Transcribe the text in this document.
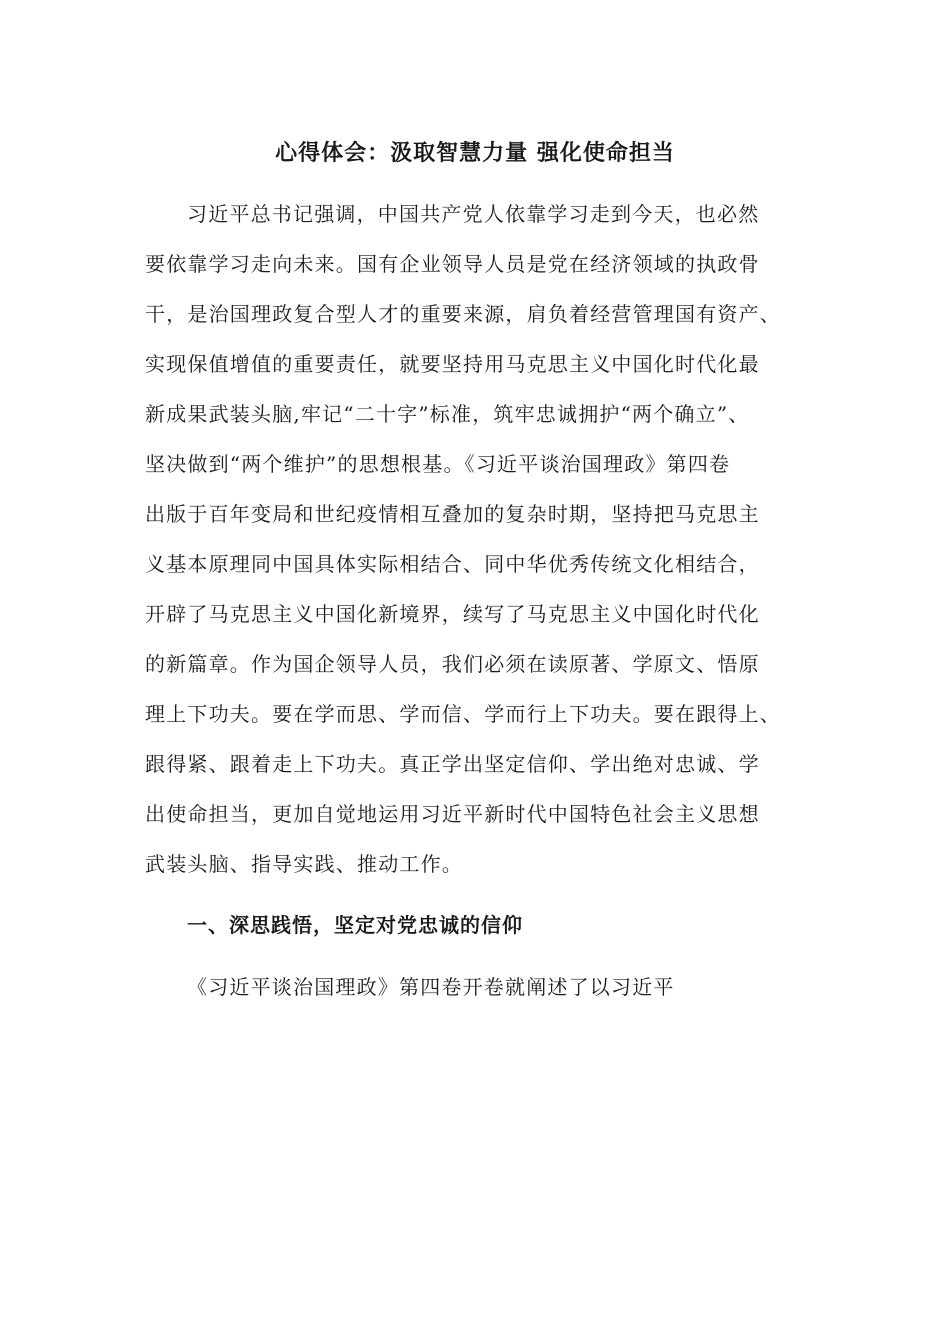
心得体会：汲取智慧力量 强化使命担当
习近平总书记强调，中国共产党人依靠学习走到今天，也必然
要依靠学习走向未来。国有企业领导人员是党在经济领域的执政骨
干，是治国理政复合型人才的重要来源，肩负着经营管理国有资产、
实现保值增值的重要责任，就要坚持用马克思主义中国化时代化最
新成果武装头脑,牢记“二十字”标准，筑牢忠诚拥护“两个确立”、
坚决做到“两个维护”的思想根基。《习近平谈治国理政》第四卷
出版于百年变局和世纪疫情相互叠加的复杂时期，坚持把马克思主
义基本原理同中国具体实际相结合、同中华优秀传统文化相结合，
开辟了马克思主义中国化新境界，续写了马克思主义中国化时代化
的新篇章。作为国企领导人员，我们必须在读原著、学原文、悟原
理上下功夫。要在学而思、学而信、学而行上下功夫。要在跟得上、
跟得紧、跟着走上下功夫。真正学出坚定信仰、学出绝对忠诚、学
出使命担当，更加自觉地运用习近平新时代中国特色社会主义思想
武装头脑、指导实践、推动工作。
一、深思践悟，坚定对党忠诚的信仰
《习近平谈治国理政》第四卷开卷就阐述了以习近平
